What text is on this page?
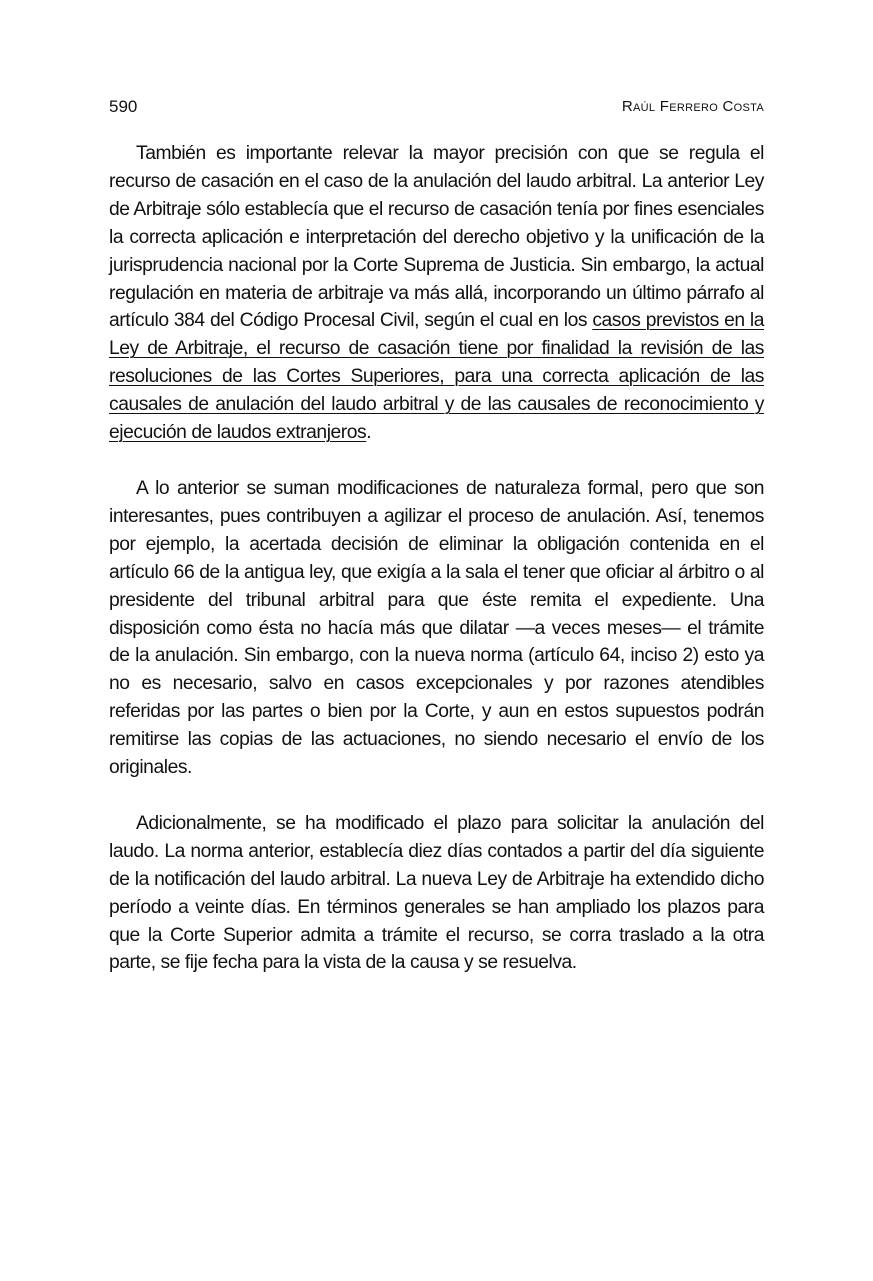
590	Raúl Ferrero Costa

También es importante relevar la mayor precisión con que se regula el recurso de casación en el caso de la anulación del laudo arbitral. La anterior Ley de Arbitraje sólo establecía que el recurso de casación tenía por fines esenciales la correcta aplicación e interpretación del derecho objetivo y la unificación de la jurisprudencia nacional por la Corte Suprema de Justicia. Sin embargo, la actual regulación en materia de arbitraje va más allá, incorporando un último párrafo al artículo 384 del Código Procesal Civil, según el cual en los casos previstos en la Ley de Arbitraje, el recurso de casación tiene por finalidad la revisión de las resoluciones de las Cortes Superiores, para una correcta aplicación de las causales de anulación del laudo arbitral y de las causales de reconocimiento y ejecución de laudos extranjeros.

A lo anterior se suman modificaciones de naturaleza formal, pero que son interesantes, pues contribuyen a agilizar el proceso de anulación. Así, tenemos por ejemplo, la acertada decisión de eliminar la obligación contenida en el artículo 66 de la antigua ley, que exigía a la sala el tener que oficiar al árbitro o al presidente del tribunal arbitral para que éste remita el expediente. Una disposición como ésta no hacía más que dilatar —a veces meses— el trámite de la anulación. Sin embargo, con la nueva norma (artículo 64, inciso 2) esto ya no es necesario, salvo en casos excepcionales y por razones atendibles referidas por las partes o bien por la Corte, y aun en estos supuestos podrán remitirse las copias de las actuaciones, no siendo necesario el envío de los originales.

Adicionalmente, se ha modificado el plazo para solicitar la anulación del laudo. La norma anterior, establecía diez días contados a partir del día siguiente de la notificación del laudo arbitral. La nueva Ley de Arbitraje ha extendido dicho período a veinte días. En términos generales se han ampliado los plazos para que la Corte Superior admita a trámite el recurso, se corra traslado a la otra parte, se fije fecha para la vista de la causa y se resuelva.
